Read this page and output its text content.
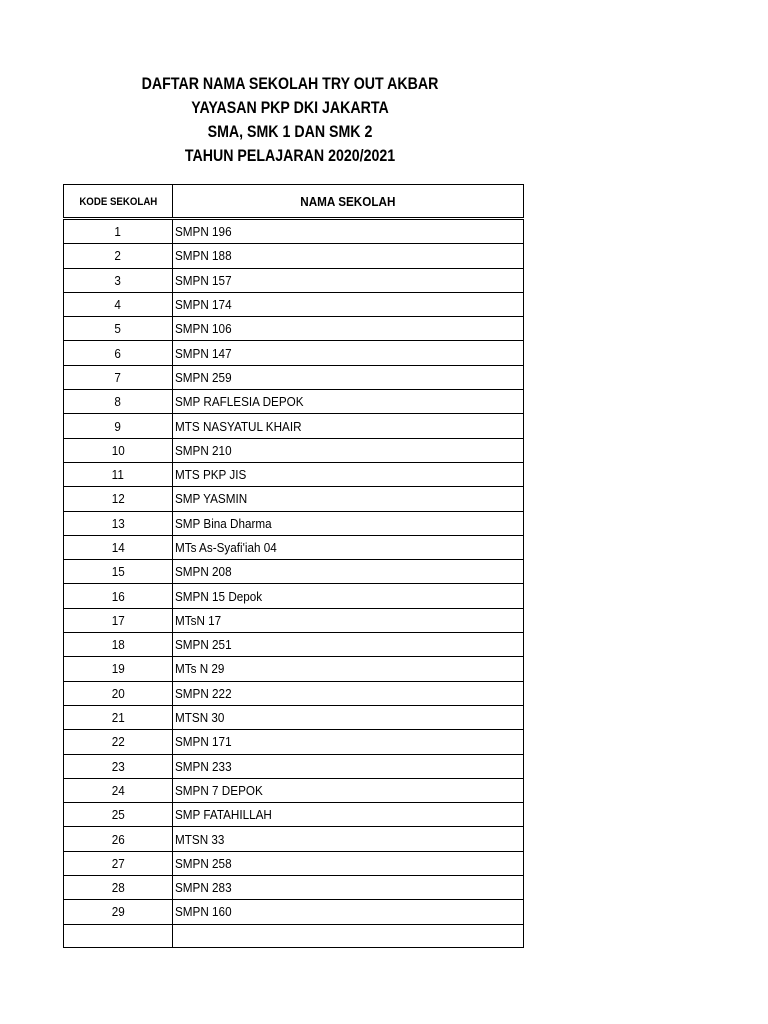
DAFTAR NAMA SEKOLAH TRY OUT AKBAR
YAYASAN PKP DKI JAKARTA
SMA, SMK 1 DAN SMK 2
TAHUN PELAJARAN 2020/2021
KODE SEKOLAH	NAMA SEKOLAH
1	SMPN 196
2	SMPN 188
3	SMPN 157
4	SMPN 174
5	SMPN 106
6	SMPN 147
7	SMPN 259
8	SMP RAFLESIA DEPOK
9	MTS NASYATUL KHAIR
10	SMPN 210
11	MTS PKP JIS
12	SMP YASMIN
13	SMP Bina Dharma
14	MTs As-Syafi'iah 04
15	SMPN 208
16	SMPN 15 Depok
17	MTsN 17
18	SMPN 251
19	MTs N 29
20	SMPN 222
21	MTSN 30
22	SMPN 171
23	SMPN 233
24	SMPN 7 DEPOK
25	SMP FATAHILLAH
26	MTSN 33
27	SMPN 258
28	SMPN 283
29	SMPN 160
